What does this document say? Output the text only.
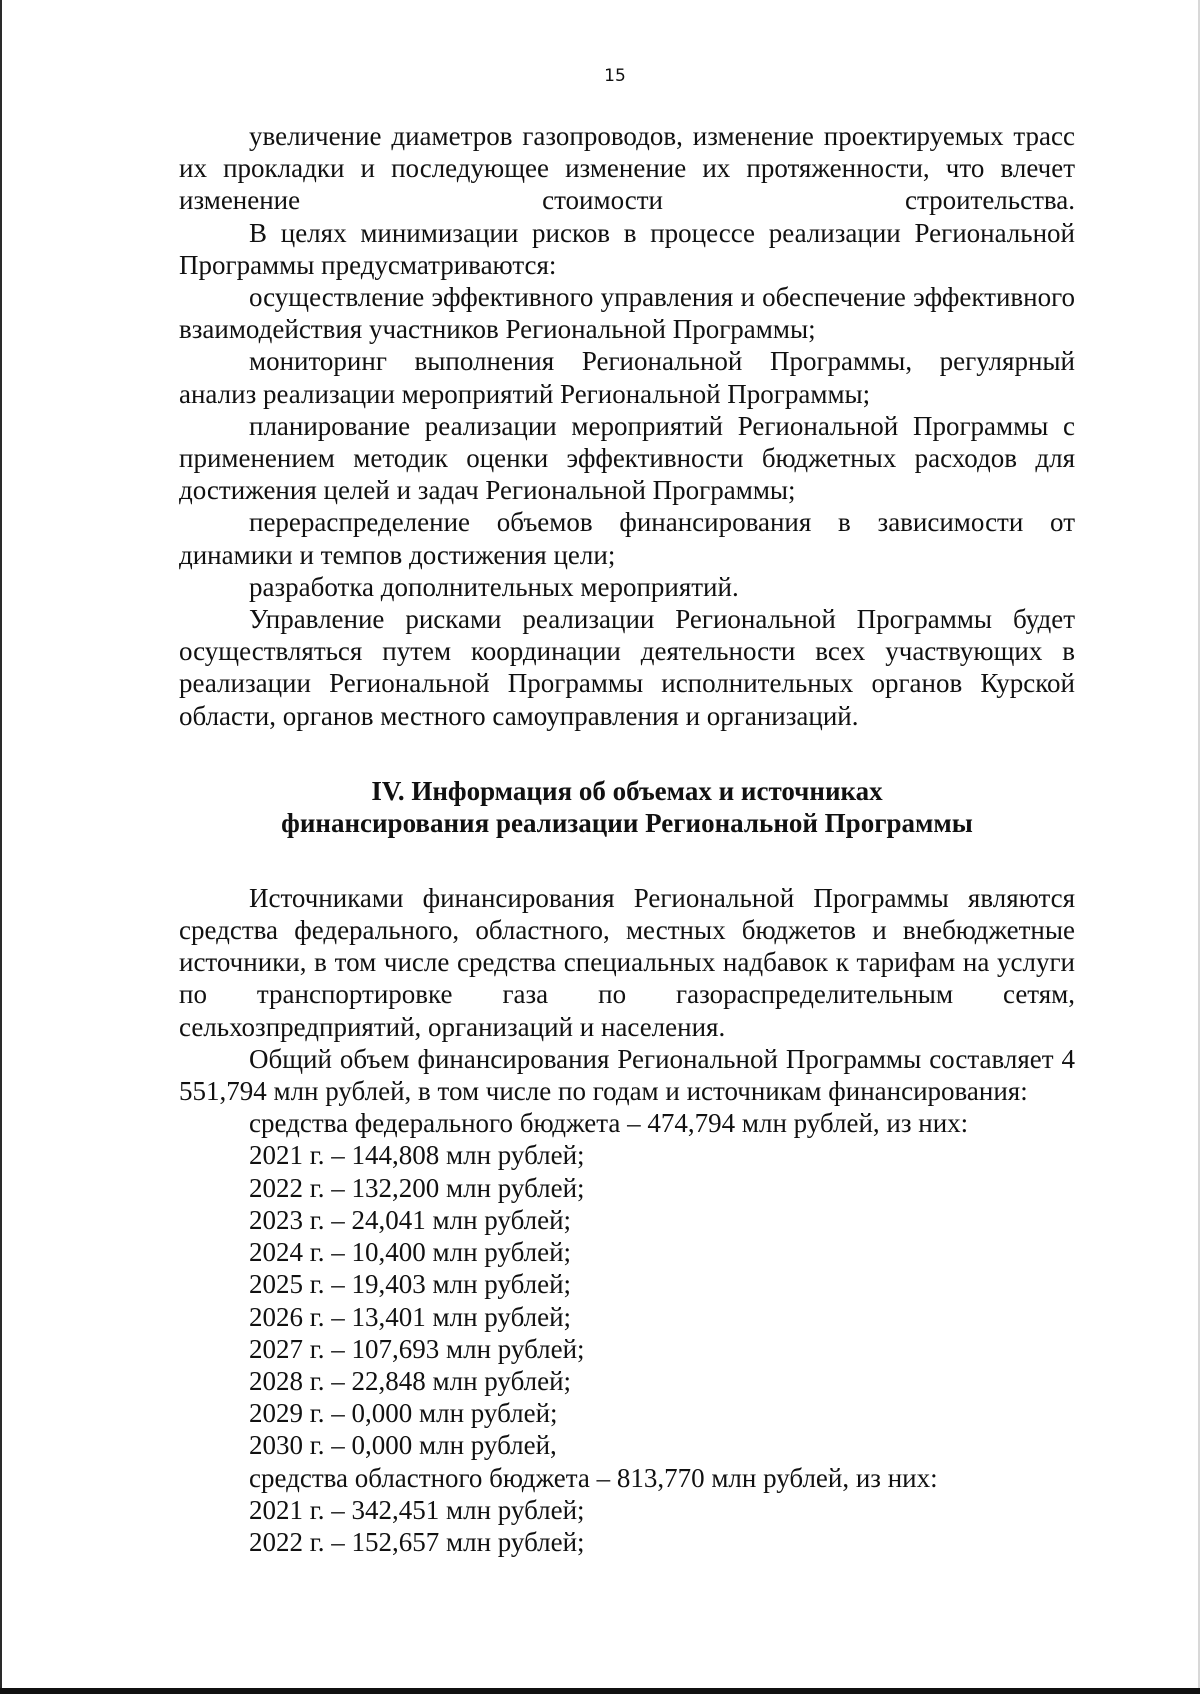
15

увеличение диаметров газопроводов, изменение проектируемых трасс их прокладки и последующее изменение их протяженности, что влечет изменение стоимости строительства.

В целях минимизации рисков в процессе реализации Региональной Программы предусматриваются:

осуществление эффективного управления и обеспечение эффективного взаимодействия участников Региональной Программы;

мониторинг выполнения Региональной Программы, регулярный анализ реализации мероприятий Региональной Программы;

планирование реализации мероприятий Региональной Программы с применением методик оценки эффективности бюджетных расходов для достижения целей и задач Региональной Программы;

перераспределение объемов финансирования в зависимости от динамики и темпов достижения цели;

разработка дополнительных мероприятий.

Управление рисками реализации Региональной Программы будет осуществляться путем координации деятельности всех участвующих в реализации Региональной Программы исполнительных органов Курской области, органов местного самоуправления и организаций.

IV. Информация об объемах и источниках
финансирования реализации Региональной Программы

Источниками финансирования Региональной Программы являются средства федерального, областного, местных бюджетов и внебюджетные источники, в том числе средства специальных надбавок к тарифам на услуги по транспортировке газа по газораспределительным сетям, сельхозпредприятий, организаций и населения.

Общий объем финансирования Региональной Программы составляет 4 551,794 млн рублей, в том числе по годам и источникам финансирования:

средства федерального бюджета – 474,794 млн рублей, из них:

2021 г. – 144,808 млн рублей;

2022 г. – 132,200 млн рублей;

2023 г. – 24,041 млн рублей;

2024 г. – 10,400 млн рублей;

2025 г. – 19,403 млн рублей;

2026 г. – 13,401 млн рублей;

2027 г. – 107,693 млн рублей;

2028 г. – 22,848 млн рублей;

2029 г. – 0,000 млн рублей;

2030 г. – 0,000 млн рублей,

средства областного бюджета – 813,770 млн рублей, из них:

2021 г. – 342,451 млн рублей;

2022 г. – 152,657 млн рублей;
